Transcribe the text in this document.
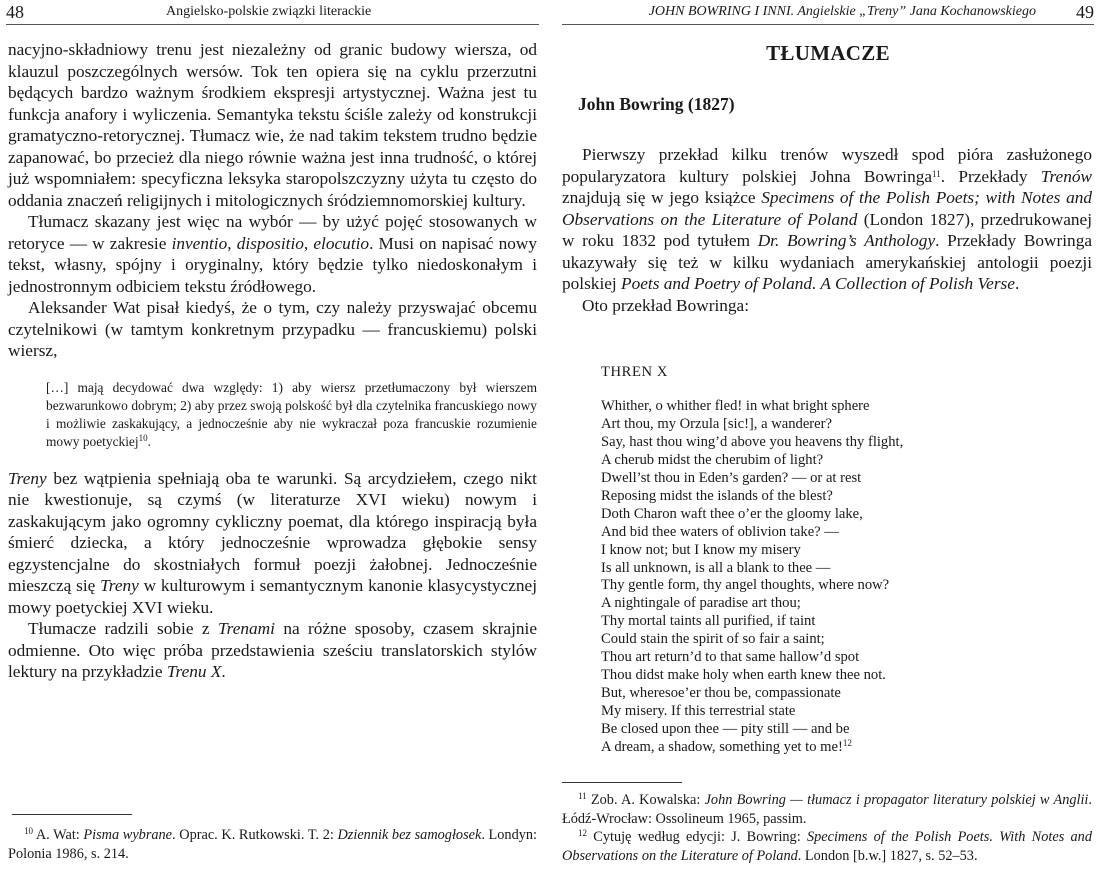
48	Angielsko-polskie związki literackie

nacyjno-składniowy trenu jest niezależny od granic budowy wiersza, od klauzul poszczególnych wersów. Tok ten opiera się na cyklu przerzutni będących bardzo ważnym środkiem ekspresji artystycznej. Ważna jest tu funkcja anafory i wyliczenia. Semantyka tekstu ściśle zależy od konstrukcji gramatyczno-retorycznej. Tłumacz wie, że nad takim tekstem trudno będzie zapanować, bo przecież dla niego równie ważna jest inna trudność, o której już wspomniałem: specyficzna leksyka staropolszczyzny użyta tu często do oddania znaczeń religijnych i mitologicznych śródziemnomorskiej kultury.

Tłumacz skazany jest więc na wybór — by użyć pojęć stosowanych w retoryce — w zakresie inventio, dispositio, elocutio. Musi on napisać nowy tekst, własny, spójny i oryginalny, który będzie tylko niedoskonałym i jednostronnym odbiciem tekstu źródłowego.

Aleksander Wat pisał kiedyś, że o tym, czy należy przyswajać obcemu czytelnikowi (w tamtym konkretnym przypadku — francuskiemu) polski wiersz,

[…] mają decydować dwa względy: 1) aby wiersz przetłumaczony był wierszem bezwarunkowo dobrym; 2) aby przez swoją polskość był dla czytelnika francuskiego nowy i możliwie zaskakujący, a jednocześnie aby nie wykraczał poza francuskie rozumienie mowy poetyckiej$^{10}$.

Treny bez wątpienia spełniają oba te warunki. Są arcydziełem, czego nikt nie kwestionuje, są czymś (w literaturze XVI wieku) nowym i zaskakującym jako ogromny cykliczny poemat, dla którego inspiracją była śmierć dziecka, a który jednocześnie wprowadza głębokie sensy egzystencjalne do skostniałych formuł poezji żałobnej. Jednocześnie mieszczą się Treny w kulturowym i semantycznym kanonie klasycystycznej mowy poetyckiej XVI wieku.

Tłumacze radzili sobie z Trenami na różne sposoby, czasem skrajnie odmienne. Oto więc próba przedstawienia sześciu translatorskich stylów lektury na przykładzie Trenu X.

$^{10}$ A. Wat: Pisma wybrane. Oprac. K. Rutkowski. T. 2: Dziennik bez samogłosek. Londyn: Polonia 1986, s. 214.

JOHN BOWRING I INNI. Angielskie „Treny” Jana Kochanowskiego 49
TŁUMACZE
John Bowring (1827)

Pierwszy przekład kilku trenów wyszedł spod pióra zasłużonego popularyzatora kultury polskiej Johna Bowringa$^{11}$. Przekłady Trenów znajdują się w jego książce Specimens of the Polish Poets; with Notes and Observations on the Literature of Poland (London 1827), przedrukowanej w roku 1832 pod tytułem Dr. Bowring’s Anthology. Przekłady Bowringa ukazywały się też w kilku wydaniach amerykańskiej antologii poezji polskiej Poets and Poetry of Poland. A Collection of Polish Verse.

Oto przekład Bowringa:

THREN X
Whither, o whither fled! in what bright sphere
Art thou, my Orzula [sic!], a wanderer?
Say, hast thou wing’d above you heavens thy flight,
A cherub midst the cherubim of light?
Dwell’st thou in Eden’s garden? — or at rest
Reposing midst the islands of the blest?
Doth Charon waft thee o’er the gloomy lake,
And bid thee waters of oblivion take? —
I know not; but I know my misery
Is all unknown, is all a blank to thee —
Thy gentle form, thy angel thoughts, where now?
A nightingale of paradise art thou;
Thy mortal taints all purified, if taint
Could stain the spirit of so fair a saint;
Thou art return’d to that same hallow’d spot
Thou didst make holy when earth knew thee not.
But, wheresoe’er thou be, compassionate
My misery. If this terrestrial state
Be closed upon thee — pity still — and be
A dream, a shadow, something yet to me!$^{12}$

$^{11}$ Zob. A. Kowalska: John Bowring — tłumacz i propagator literatury polskiej w Anglii. Łódź-Wrocław: Ossolineum 1965, passim.

$^{12}$ Cytuję według edycji: J. Bowring: Specimens of the Polish Poets. With Notes and Observations on the Literature of Poland. London [b.w.] 1827, s. 52–53.
